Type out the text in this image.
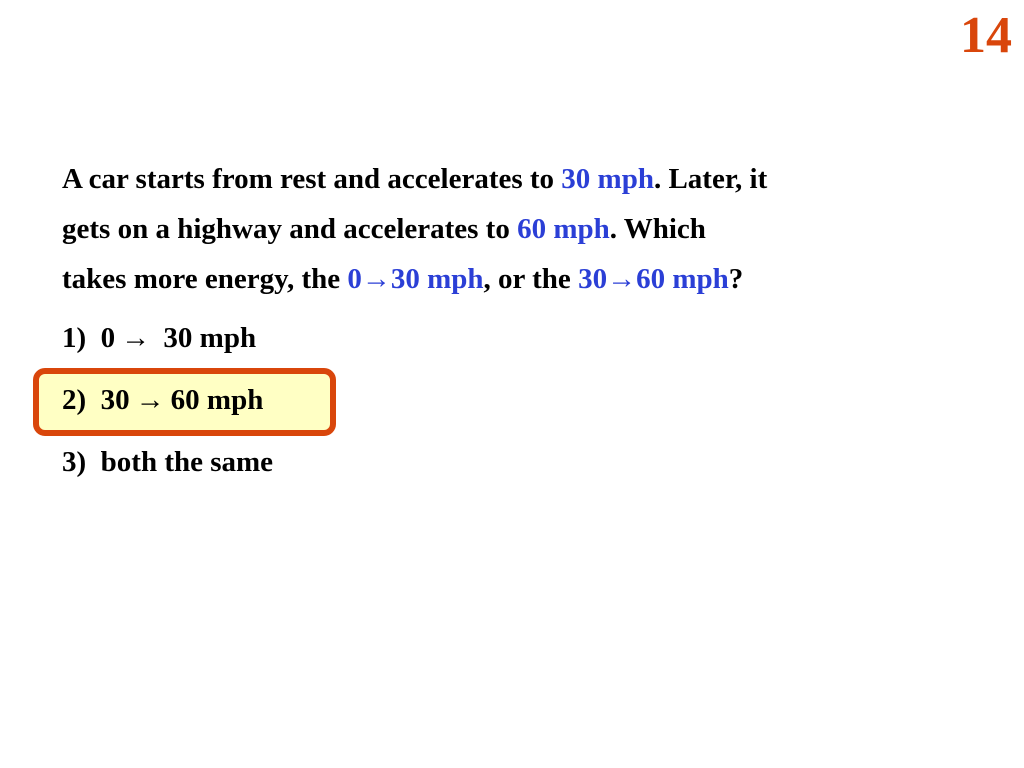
14
A car starts from rest and accelerates to 30 mph. Later, it
gets on a highway and accelerates to 60 mph. Which
takes more energy, the 0→30 mph, or the 30→60 mph?
1) 0 → 30 mph
2) 30 → 60 mph
3) both the same
